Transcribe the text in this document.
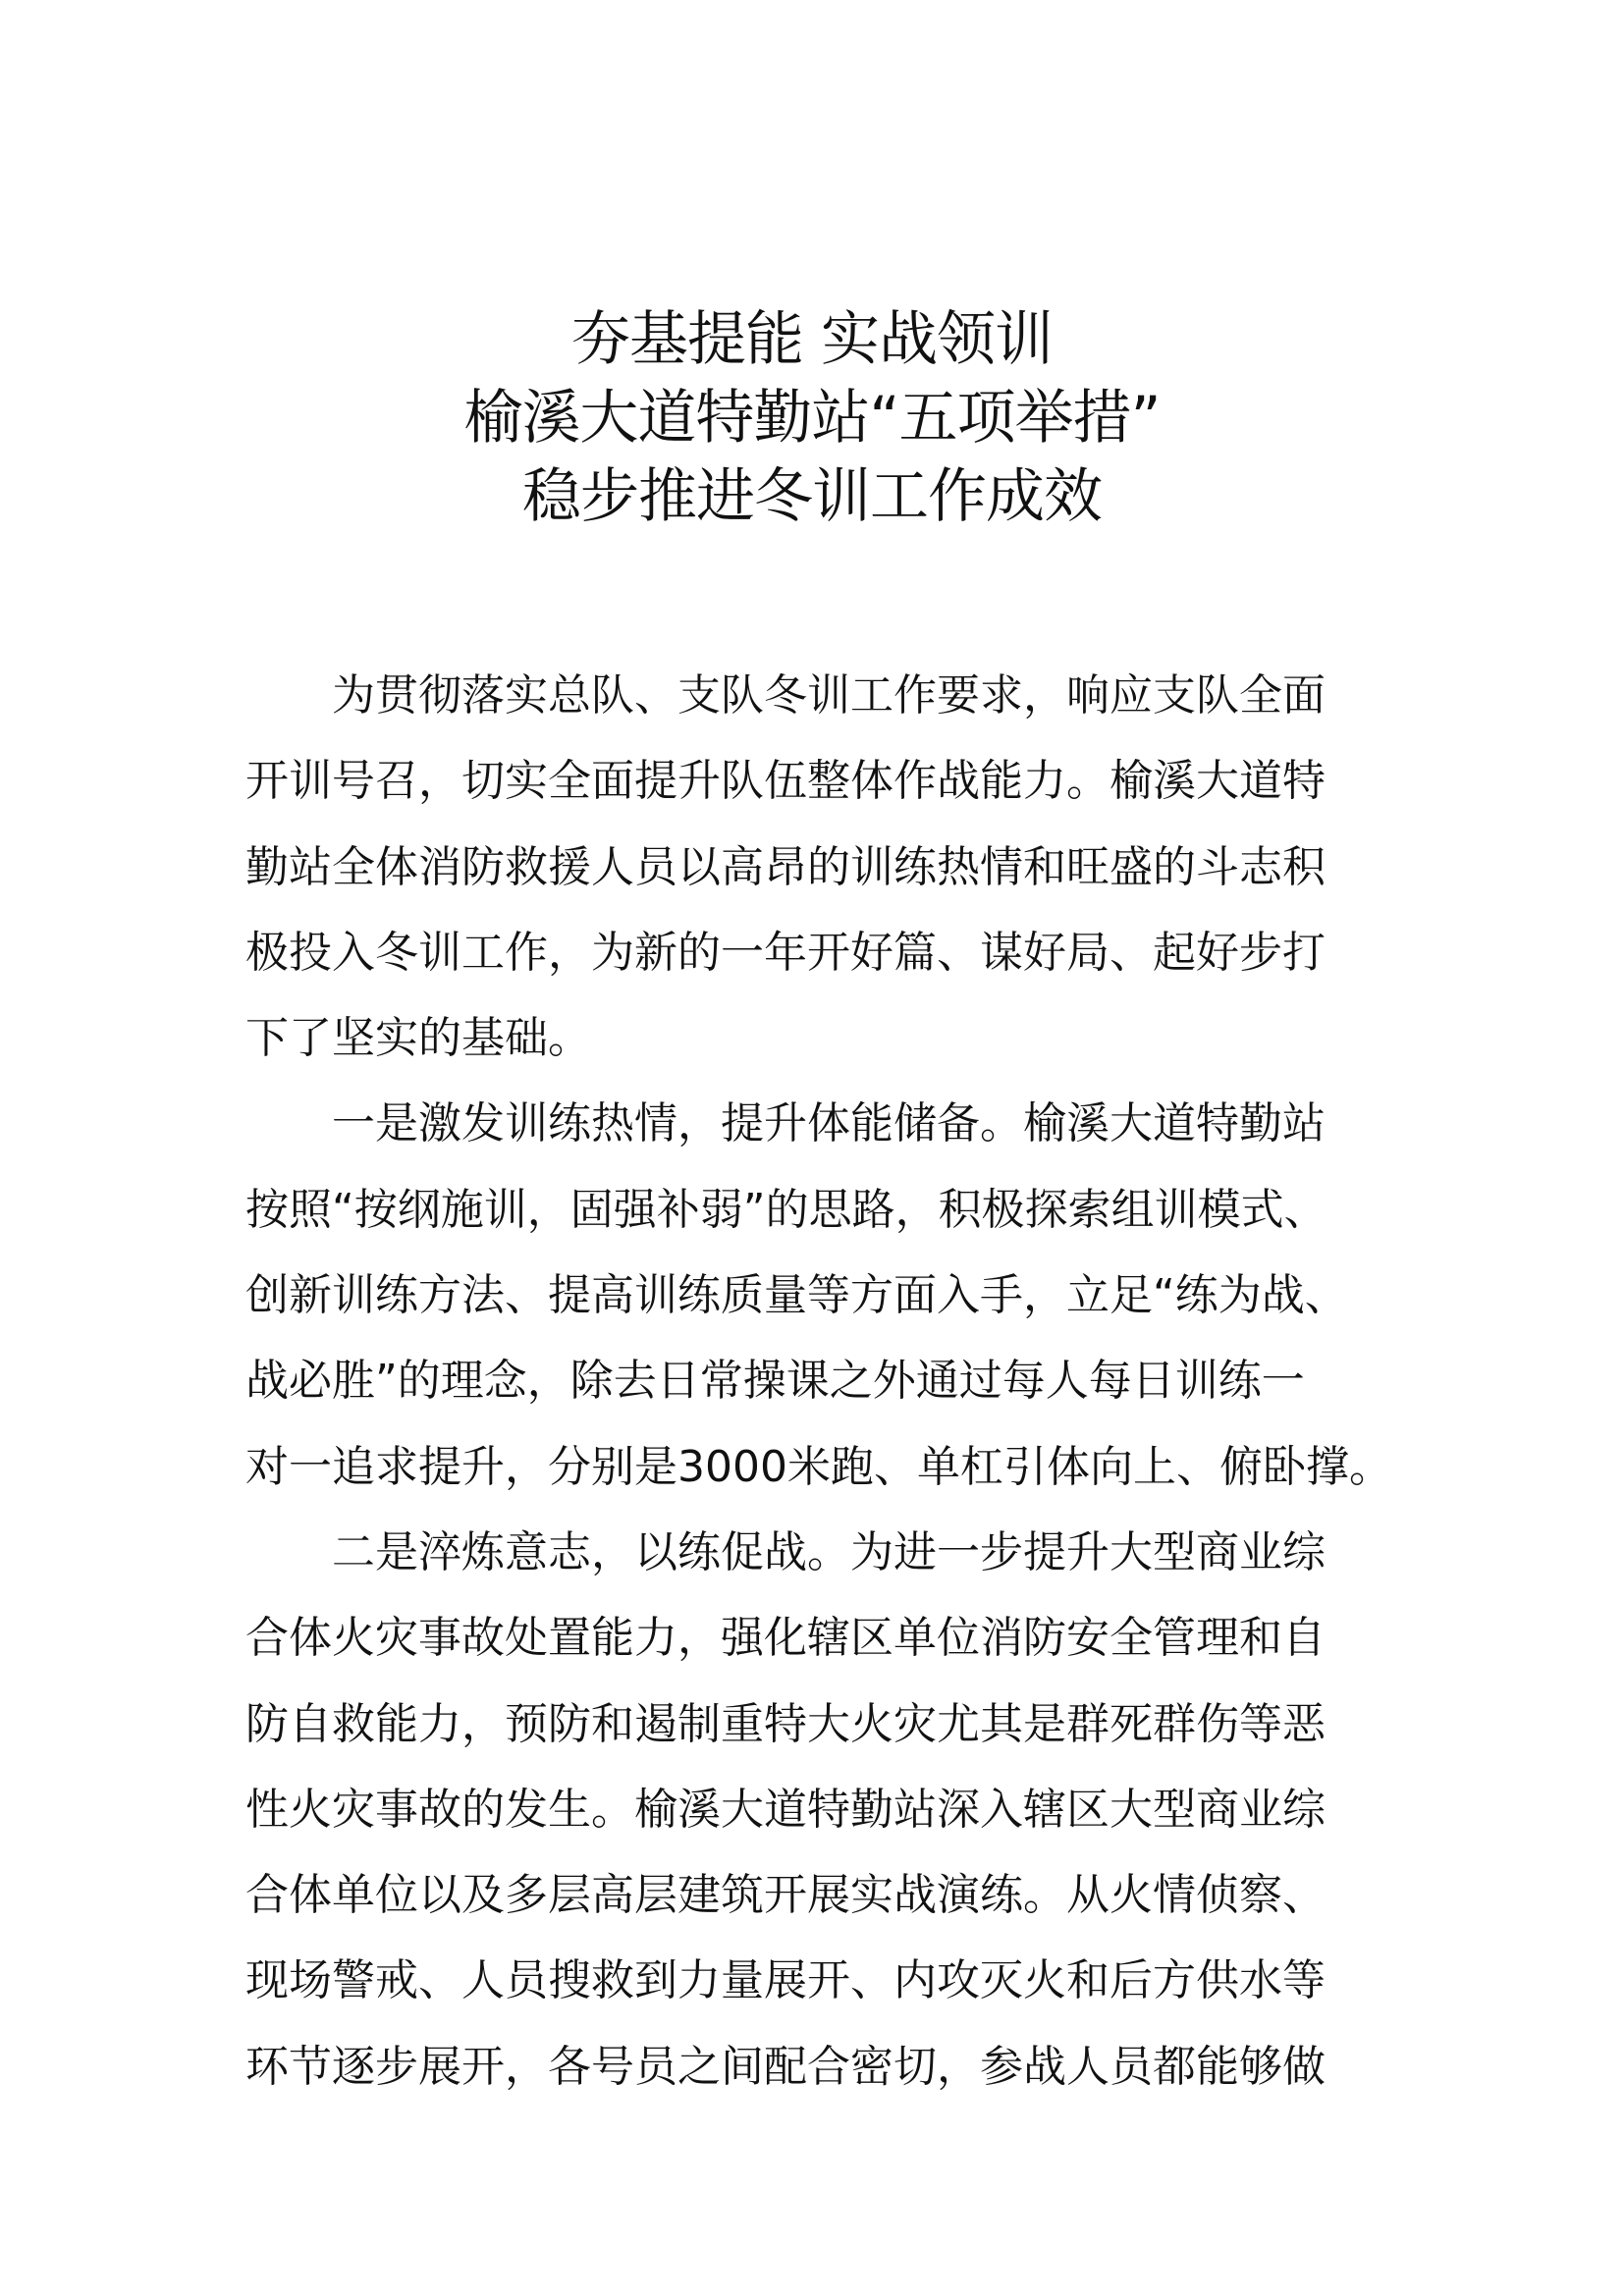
夯基提能 实战领训
榆溪大道特勤站“五项举措”
稳步推进冬训工作成效

为贯彻落实总队、支队冬训工作要求，响应支队全面
开训号召，切实全面提升队伍整体作战能力。榆溪大道特
勤站全体消防救援人员以高昂的训练热情和旺盛的斗志积
极投入冬训工作，为新的一年开好篇、谋好局、起好步打
下了坚实的基础。

一是激发训练热情，提升体能储备。榆溪大道特勤站
按照“按纲施训，固强补弱”的思路，积极探索组训模式、
创新训练方法、提高训练质量等方面入手，立足“练为战、
战必胜”的理念，除去日常操课之外通过每人每日训练一
对一追求提升，分别是3000米跑、单杠引体向上、俯卧撑。

二是淬炼意志，以练促战。为进一步提升大型商业综
合体火灾事故处置能力，强化辖区单位消防安全管理和自
防自救能力，预防和遏制重特大火灾尤其是群死群伤等恶
性火灾事故的发生。榆溪大道特勤站深入辖区大型商业综
合体单位以及多层高层建筑开展实战演练。从火情侦察、
现场警戒、人员搜救到力量展开、内攻灭火和后方供水等
环节逐步展开，各号员之间配合密切，参战人员都能够做
